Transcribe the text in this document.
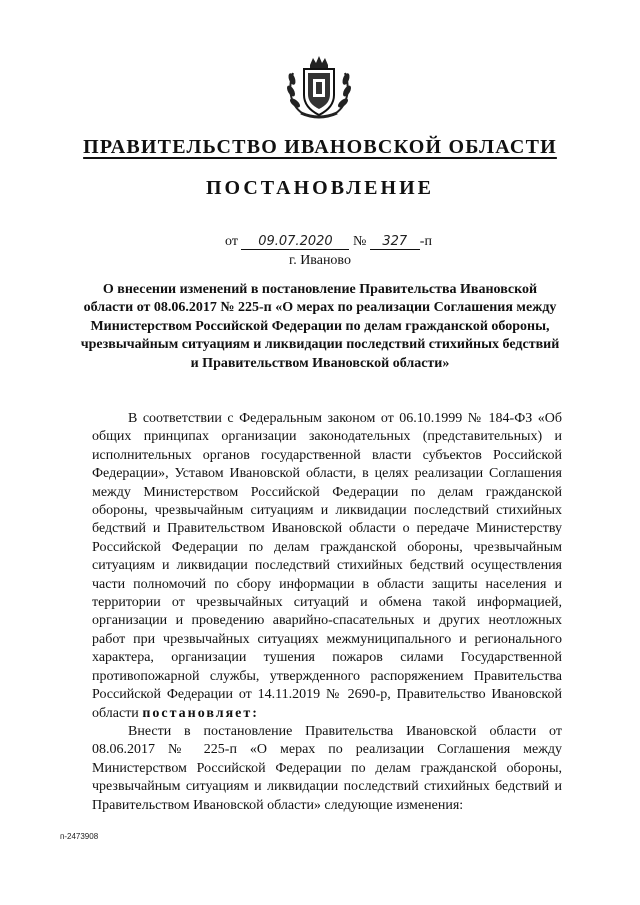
ПРАВИТЕЛЬСТВО ИВАНОВСКОЙ ОБЛАСТИ
ПОСТАНОВЛЕНИЕ
от 09.07.2020 № 327 -п
г. Иваново
О внесении изменений в постановление Правительства Ивановской области от 08.06.2017 № 225-п «О мерах по реализации Соглашения между Министерством Российской Федерации по делам гражданской обороны, чрезвычайным ситуациям и ликвидации последствий стихийных бедствий и Правительством Ивановской области»

В соответствии с Федеральным законом от 06.10.1999 № 184-ФЗ «Об общих принципах организации законодательных (представительных) и исполнительных органов государственной власти субъектов Российской Федерации», Уставом Ивановской области, в целях реализации Соглашения между Министерством Российской Федерации по делам гражданской обороны, чрезвычайным ситуациям и ликвидации последствий стихийных бедствий и Правительством Ивановской области о передаче Министерству Российской Федерации по делам гражданской обороны, чрезвычайным ситуациям и ликвидации последствий стихийных бедствий осуществления части полномочий по сбору информации в области защиты населения и территории от чрезвычайных ситуаций и обмена такой информацией, организации и проведению аварийно-спасательных и других неотложных работ при чрезвычайных ситуациях межмуниципального и регионального характера, организации тушения пожаров силами Государственной противопожарной службы, утвержденного распоряжением Правительства Российской Федерации от 14.11.2019 № 2690-р, Правительство Ивановской области постановляет:

Внести в постановление Правительства Ивановской области от 08.06.2017 № 225-п «О мерах по реализации Соглашения между Министерством Российской Федерации по делам гражданской обороны, чрезвычайным ситуациям и ликвидации последствий стихийных бедствий и Правительством Ивановской области» следующие изменения:

п-2473908
